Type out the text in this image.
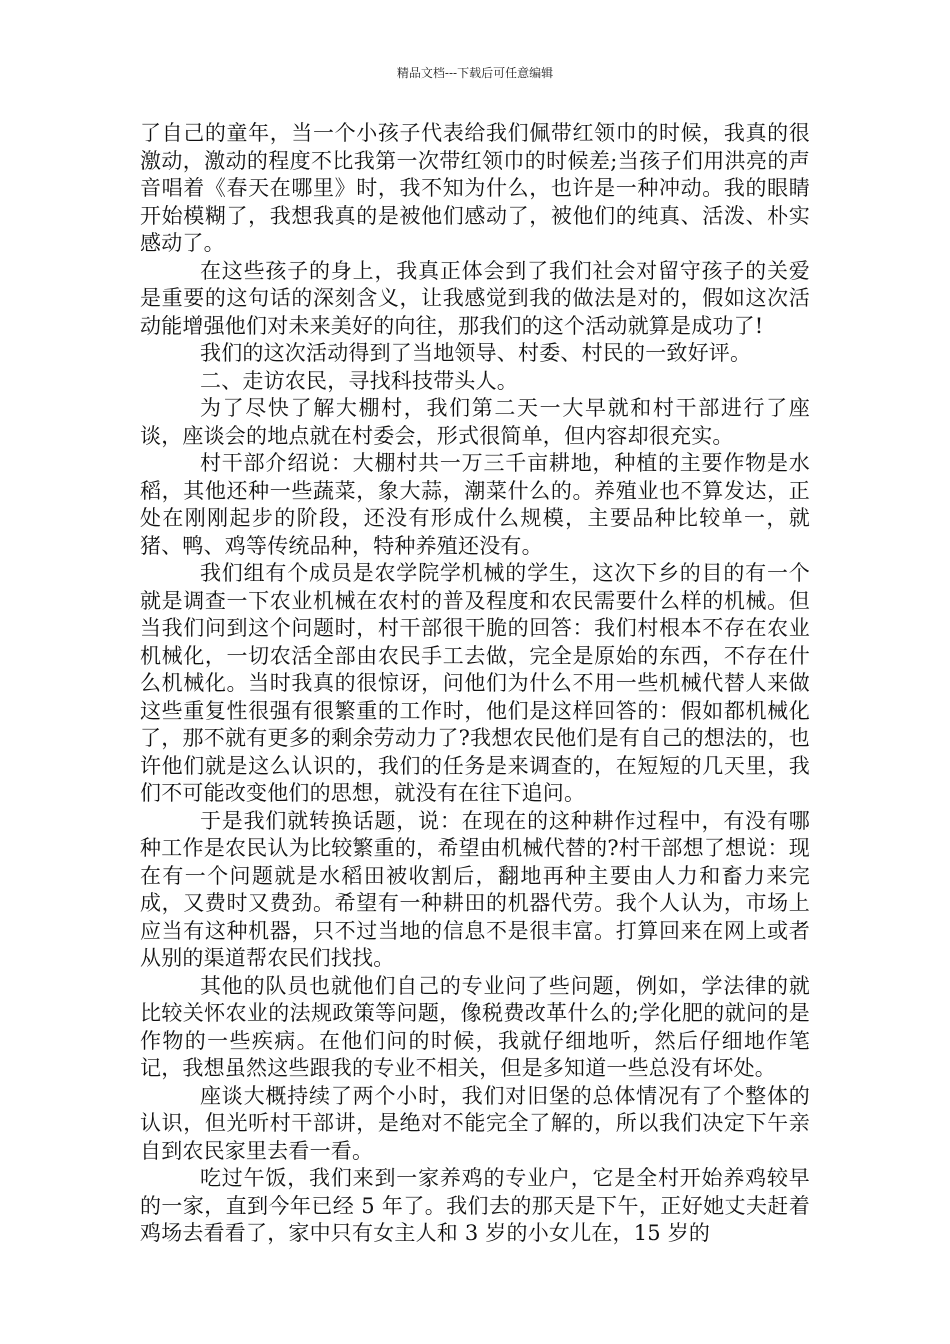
精品文档---下载后可任意编辑

了自己的童年，当一个小孩子代表给我们佩带红领巾的时候，我真的很激动，激动的程度不比我第一次带红领巾的时候差;当孩子们用洪亮的声音唱着《春天在哪里》时，我不知为什么，也许是一种冲动。我的眼睛开始模糊了，我想我真的是被他们感动了，被他们的纯真、活泼、朴实感动了。

在这些孩子的身上，我真正体会到了我们社会对留守孩子的关爱是重要的这句话的深刻含义，让我感觉到我的做法是对的，假如这次活动能增强他们对未来美好的向往，那我们的这个活动就算是成功了!

我们的这次活动得到了当地领导、村委、村民的一致好评。

二、走访农民，寻找科技带头人。

为了尽快了解大棚村，我们第二天一大早就和村干部进行了座谈，座谈会的地点就在村委会，形式很简单，但内容却很充实。

村干部介绍说：大棚村共一万三千亩耕地，种植的主要作物是水稻，其他还种一些蔬菜，象大蒜，潮菜什么的。养殖业也不算发达，正处在刚刚起步的阶段，还没有形成什么规模，主要品种比较单一，就猪、鸭、鸡等传统品种，特种养殖还没有。

我们组有个成员是农学院学机械的学生，这次下乡的目的有一个就是调查一下农业机械在农村的普及程度和农民需要什么样的机械。但当我们问到这个问题时，村干部很干脆的回答：我们村根本不存在农业机械化，一切农活全部由农民手工去做，完全是原始的东西，不存在什么机械化。当时我真的很惊讶，问他们为什么不用一些机械代替人来做这些重复性很强有很繁重的工作时，他们是这样回答的：假如都机械化了，那不就有更多的剩余劳动力了?我想农民他们是有自己的想法的，也许他们就是这么认识的，我们的任务是来调查的，在短短的几天里，我们不可能改变他们的思想，就没有在往下追问。

于是我们就转换话题，说：在现在的这种耕作过程中，有没有哪种工作是农民认为比较繁重的，希望由机械代替的?村干部想了想说：现在有一个问题就是水稻田被收割后，翻地再种主要由人力和畜力来完成，又费时又费劲。希望有一种耕田的机器代劳。我个人认为，市场上应当有这种机器，只不过当地的信息不是很丰富。打算回来在网上或者从别的渠道帮农民们找找。

其他的队员也就他们自己的专业问了些问题，例如，学法律的就比较关怀农业的法规政策等问题，像税费改革什么的;学化肥的就问的是作物的一些疾病。在他们问的时候，我就仔细地听，然后仔细地作笔记，我想虽然这些跟我的专业不相关，但是多知道一些总没有坏处。

座谈大概持续了两个小时，我们对旧堡的总体情况有了个整体的认识，但光听村干部讲，是绝对不能完全了解的，所以我们决定下午亲自到农民家里去看一看。

吃过午饭，我们来到一家养鸡的专业户，它是全村开始养鸡较早的一家，直到今年已经 5 年了。我们去的那天是下午，正好她丈夫赶着鸡场去看看了，家中只有女主人和 3 岁的小女儿在，15 岁的
